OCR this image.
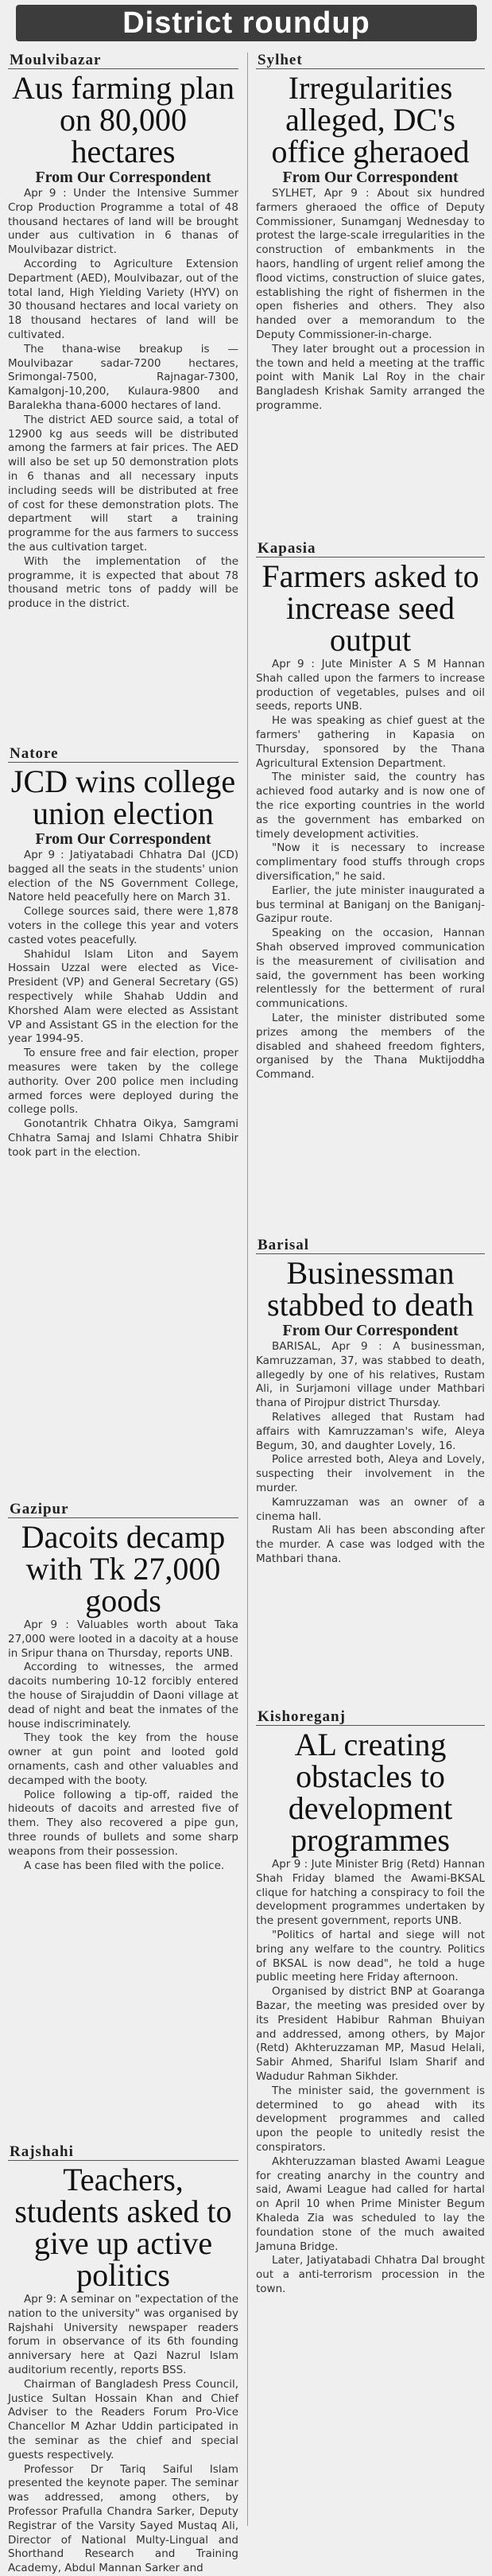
District roundup
Moulvibazar
Aus farming plan on 80,000 hectares
From Our Correspondent

Apr 9 : Under the Intensive Summer Crop Production Programme a total of 48 thousand hectares of land will be brought under aus cultivation in 6 thanas of Moulvibazar district.

According to Agriculture Extension Department (AED), Moulvibazar, out of the total land, High Yielding Variety (HYV) on 30 thousand hectares and local variety on 18 thousand hectares of land will be cultivated.

The thana-wise breakup is — Moulvibazar sadar-7200 hectares, Srimongal-7500, Rajnagar-7300, Kamalgonj-10,200, Kulaura-9800 and Baralekha thana-6000 hectares of land.

The district AED source said, a total of 12900 kg aus seeds will be distributed among the farmers at fair prices. The AED will also be set up 50 demonstration plots in 6 thanas and all necessary inputs including seeds will be distributed at free of cost for these demonstration plots. The department will start a training programme for the aus farmers to success the aus cultivation target.

With the implementation of the programme, it is expected that about 78 thousand metric tons of paddy will be produce in the district.

Natore
JCD wins college union election
From Our Correspondent

Apr 9 : Jatiyatabadi Chhatra Dal (JCD) bagged all the seats in the students' union election of the NS Government College, Natore held peacefully here on March 31.

College sources said, there were 1,878 voters in the college this year and voters casted votes peacefully.

Shahidul Islam Liton and Sayem Hossain Uzzal were elected as Vice-President (VP) and General Secretary (GS) respectively while Shahab Uddin and Khorshed Alam were elected as Assistant VP and Assistant GS in the election for the year 1994-95.

To ensure free and fair election, proper measures were taken by the college authority. Over 200 police men including armed forces were deployed during the college polls.

Gonotantrik Chhatra Oikya, Samgrami Chhatra Samaj and Islami Chhatra Shibir took part in the election.

Gazipur
Dacoits decamp with Tk 27,000 goods

Apr 9 : Valuables worth about Taka 27,000 were looted in a dacoity at a house in Sripur thana on Thursday, reports UNB.

According to witnesses, the armed dacoits numbering 10-12 forcibly entered the house of Sirajuddin of Daoni village at dead of night and beat the inmates of the house indiscriminately.

They took the key from the house owner at gun point and looted gold ornaments, cash and other valuables and decamped with the booty.

Police following a tip-off, raided the hideouts of dacoits and arrested five of them. They also recovered a pipe gun, three rounds of bullets and some sharp weapons from their possession.

A case has been filed with the police.

Rajshahi
Teachers, students asked to give up active politics

Apr 9: A seminar on "expectation of the nation to the university" was organised by Rajshahi University newspaper readers forum in observance of its 6th founding anniversary here at Qazi Nazrul Islam auditorium recently, reports BSS.

Chairman of Bangladesh Press Council, Justice Sultan Hossain Khan and Chief Adviser to the Readers Forum Pro-Vice Chancellor M Azhar Uddin participated in the seminar as the chief and special guests respectively.

Professor Dr Tariq Saiful Islam presented the keynote paper. The seminar was addressed, among others, by Professor Prafulla Chandra Sarker, Deputy Registrar of the Varsity Sayed Mustaq Ali, Director of National Multy-Lingual and Shorthand Research and Training Academy, Abdul Mannan Sarker and

Sylhet
Irregularities alleged, DC's office gheraoed
From Our Correspondent

SYLHET, Apr 9 : About six hundred farmers gheraoed the office of Deputy Commissioner, Sunamganj Wednesday to protest the large-scale irregularities in the construction of embankments in the haors, handling of urgent relief among the flood victims, construction of sluice gates, establishing the right of fishermen in the open fisheries and others. They also handed over a memorandum to the Deputy Commissioner-in-charge.

They later brought out a procession in the town and held a meeting at the traffic point with Manik Lal Roy in the chair Bangladesh Krishak Samity arranged the programme.

Kapasia
Farmers asked to increase seed output

Apr 9 : Jute Minister A S M Hannan Shah called upon the farmers to increase production of vegetables, pulses and oil seeds, reports UNB.

He was speaking as chief guest at the farmers' gathering in Kapasia on Thursday, sponsored by the Thana Agricultural Extension Department.

The minister said, the country has achieved food autarky and is now one of the rice exporting countries in the world as the government has embarked on timely development activities.

"Now it is necessary to increase complimentary food stuffs through crops diversification," he said.

Earlier, the jute minister inaugurated a bus terminal at Baniganj on the Baniganj-Gazipur route.

Speaking on the occasion, Hannan Shah observed improved communication is the measurement of civilisation and said, the government has been working relentlessly for the betterment of rural communications.

Later, the minister distributed some prizes among the members of the disabled and shaheed freedom fighters, organised by the Thana Muktijoddha Command.

Barisal
Businessman stabbed to death
From Our Correspondent

BARISAL, Apr 9 : A businessman, Kamruzzaman, 37, was stabbed to death, allegedly by one of his relatives, Rustam Ali, in Surjamoni village under Mathbari thana of Pirojpur district Thursday.

Relatives alleged that Rustam had affairs with Kamruzzaman's wife, Aleya Begum, 30, and daughter Lovely, 16.

Police arrested both, Aleya and Lovely, suspecting their involvement in the murder.

Kamruzzaman was an owner of a cinema hall.

Rustam Ali has been absconding after the murder. A case was lodged with the Mathbari thana.

Kishoreganj
AL creating obstacles to development programmes

Apr 9 : Jute Minister Brig (Retd) Hannan Shah Friday blamed the Awami-BKSAL clique for hatching a conspiracy to foil the development programmes undertaken by the present government, reports UNB.

"Politics of hartal and siege will not bring any welfare to the country. Politics of BKSAL is now dead", he told a huge public meeting here Friday afternoon.

Organised by district BNP at Goaranga Bazar, the meeting was presided over by its President Habibur Rahman Bhuiyan and addressed, among others, by Major (Retd) Akhteruzzaman MP, Masud Helali, Sabir Ahmed, Shariful Islam Sharif and Wadudur Rahman Sikhder.

The minister said, the government is determined to go ahead with its development programmes and called upon the people to unitedly resist the conspirators.

Akhteruzzaman blasted Awami League for creating anarchy in the country and said, Awami League had called for hartal on April 10 when Prime Minister Begum Khaleda Zia was scheduled to lay the foundation stone of the much awaited Jamuna Bridge.

Later, Jatiyatabadi Chhatra Dal brought out a anti-terrorism procession in the town.
